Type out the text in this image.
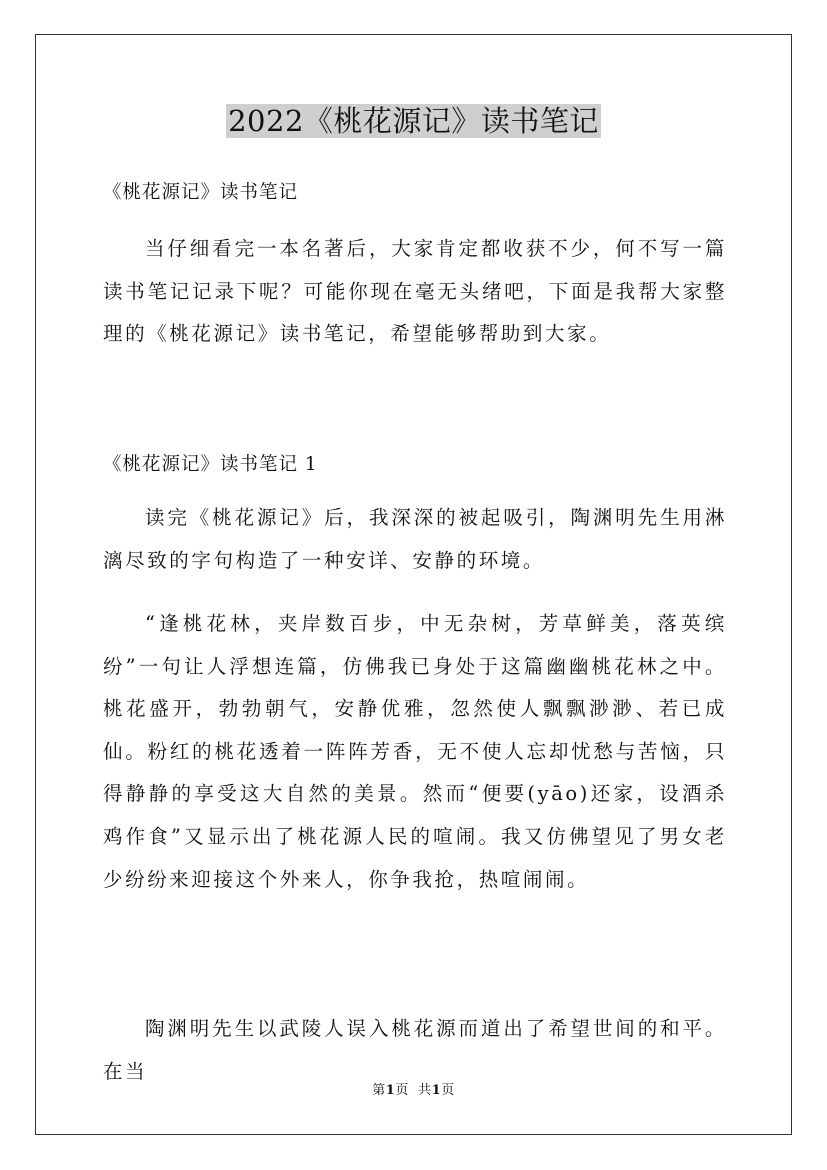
2022《桃花源记》读书笔记
《桃花源记》读书笔记

当仔细看完一本名著后，大家肯定都收获不少，何不写一篇读书笔记记录下呢？可能你现在毫无头绪吧，下面是我帮大家整理的《桃花源记》读书笔记，希望能够帮助到大家。

《桃花源记》读书笔记 1

读完《桃花源记》后，我深深的被起吸引，陶渊明先生用淋漓尽致的字句构造了一种安详、安静的环境。

“逢桃花林，夹岸数百步，中无杂树，芳草鲜美，落英缤纷”一句让人浮想连篇，仿佛我已身处于这篇幽幽桃花林之中。桃花盛开，勃勃朝气，安静优雅，忽然使人飘飘渺渺、若已成仙。粉红的桃花透着一阵阵芳香，无不使人忘却忧愁与苦恼，只得静静的享受这大自然的美景。然而“便要(yāo)还家，设酒杀鸡作食”又显示出了桃花源人民的喧闹。我又仿佛望见了男女老少纷纷来迎接这个外来人，你争我抢，热喧闹闹。

陶渊明先生以武陵人误入桃花源而道出了希望世间的和平。在当

第1页 共1页
